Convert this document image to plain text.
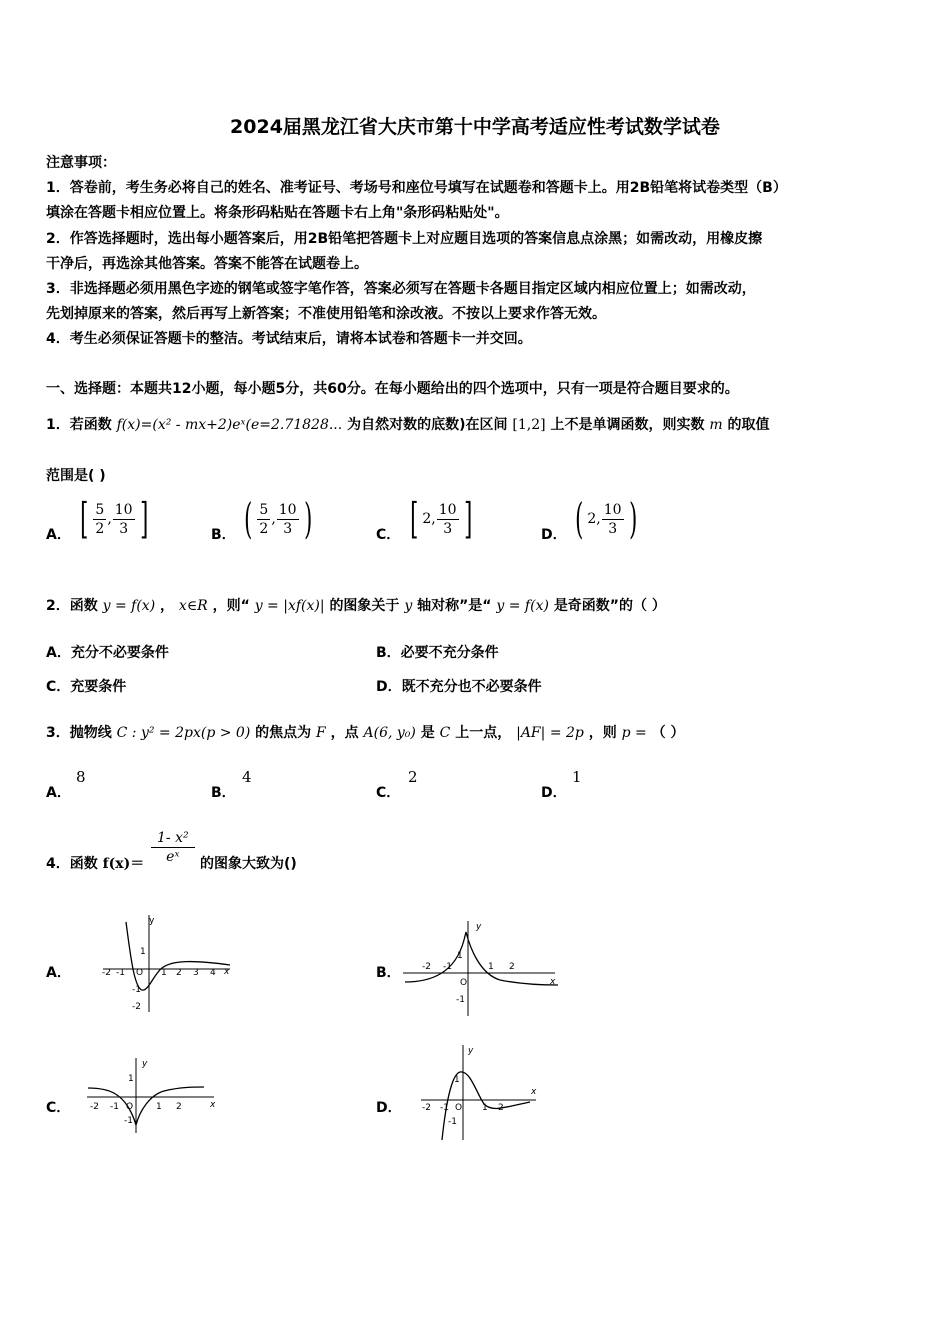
2024届黑龙江省大庆市第十中学高考适应性考试数学试卷
注意事项：
1．答卷前，考生务必将自己的姓名、准考证号、考场号和座位号填写在试题卷和答题卡上。用2B铅笔将试卷类型（B）
填涂在答题卡相应位置上。将条形码粘贴在答题卡右上角"条形码粘贴处"。
2．作答选择题时，选出每小题答案后，用2B铅笔把答题卡上对应题目选项的答案信息点涂黑；如需改动，用橡皮擦
干净后，再选涂其他答案。答案不能答在试题卷上。
3．非选择题必须用黑色字迹的钢笔或签字笔作答，答案必须写在答题卡各题目指定区域内相应位置上；如需改动，
先划掉原来的答案，然后再写上新答案；不准使用铅笔和涂改液。不按以上要求作答无效。
4．考生必须保证答题卡的整洁。考试结束后，请将本试卷和答题卡一并交回。
一、选择题：本题共12小题，每小题5分，共60分。在每小题给出的四个选项中，只有一项是符合题目要求的。
1．若函数 f(x)=(x² - mx+2)eˣ(e=2.71828... 为自然对数的底数)在区间 [1,2] 上不是单调函数，则实数 m 的取值
范围是( )
A． [ $\frac{5}{2}$ , $\frac{10}{3}$ ]	B． ( $\frac{5}{2}$ , $\frac{10}{3}$ )	C． [ 2, $\frac{10}{3}$ ]	D． ( 2, $\frac{10}{3}$ )
2．函数 y = f(x) ， x∈R ，则“ y = |xf(x)| 的图象关于 y 轴对称”是“ y = f(x) 是奇函数”的（ ）
A．充分不必要条件	B．必要不充分条件
C．充要条件	D．既不充分也不必要条件
3．抛物线 C : y² = 2px(p > 0) 的焦点为 F ，点 A(6, y₀) 是 C 上一点， |AF| = 2p ，则 p = （ ）
A．
8
B．
4
C．
2
D．
1
4．函数 $f(x)= \frac{\text{1- x²}}{\text{eˣ}}$ 的图象大致为()
A．
y
x
-2 -1 O 1 2 3 4
1
-1
-2
B．
y
x
-2 -1
O
1 2
1
-1
C．
y
x
-2 -1 O	1 2
1
-1
D．
y
x
-2 -1 O 1 2
1
-1
